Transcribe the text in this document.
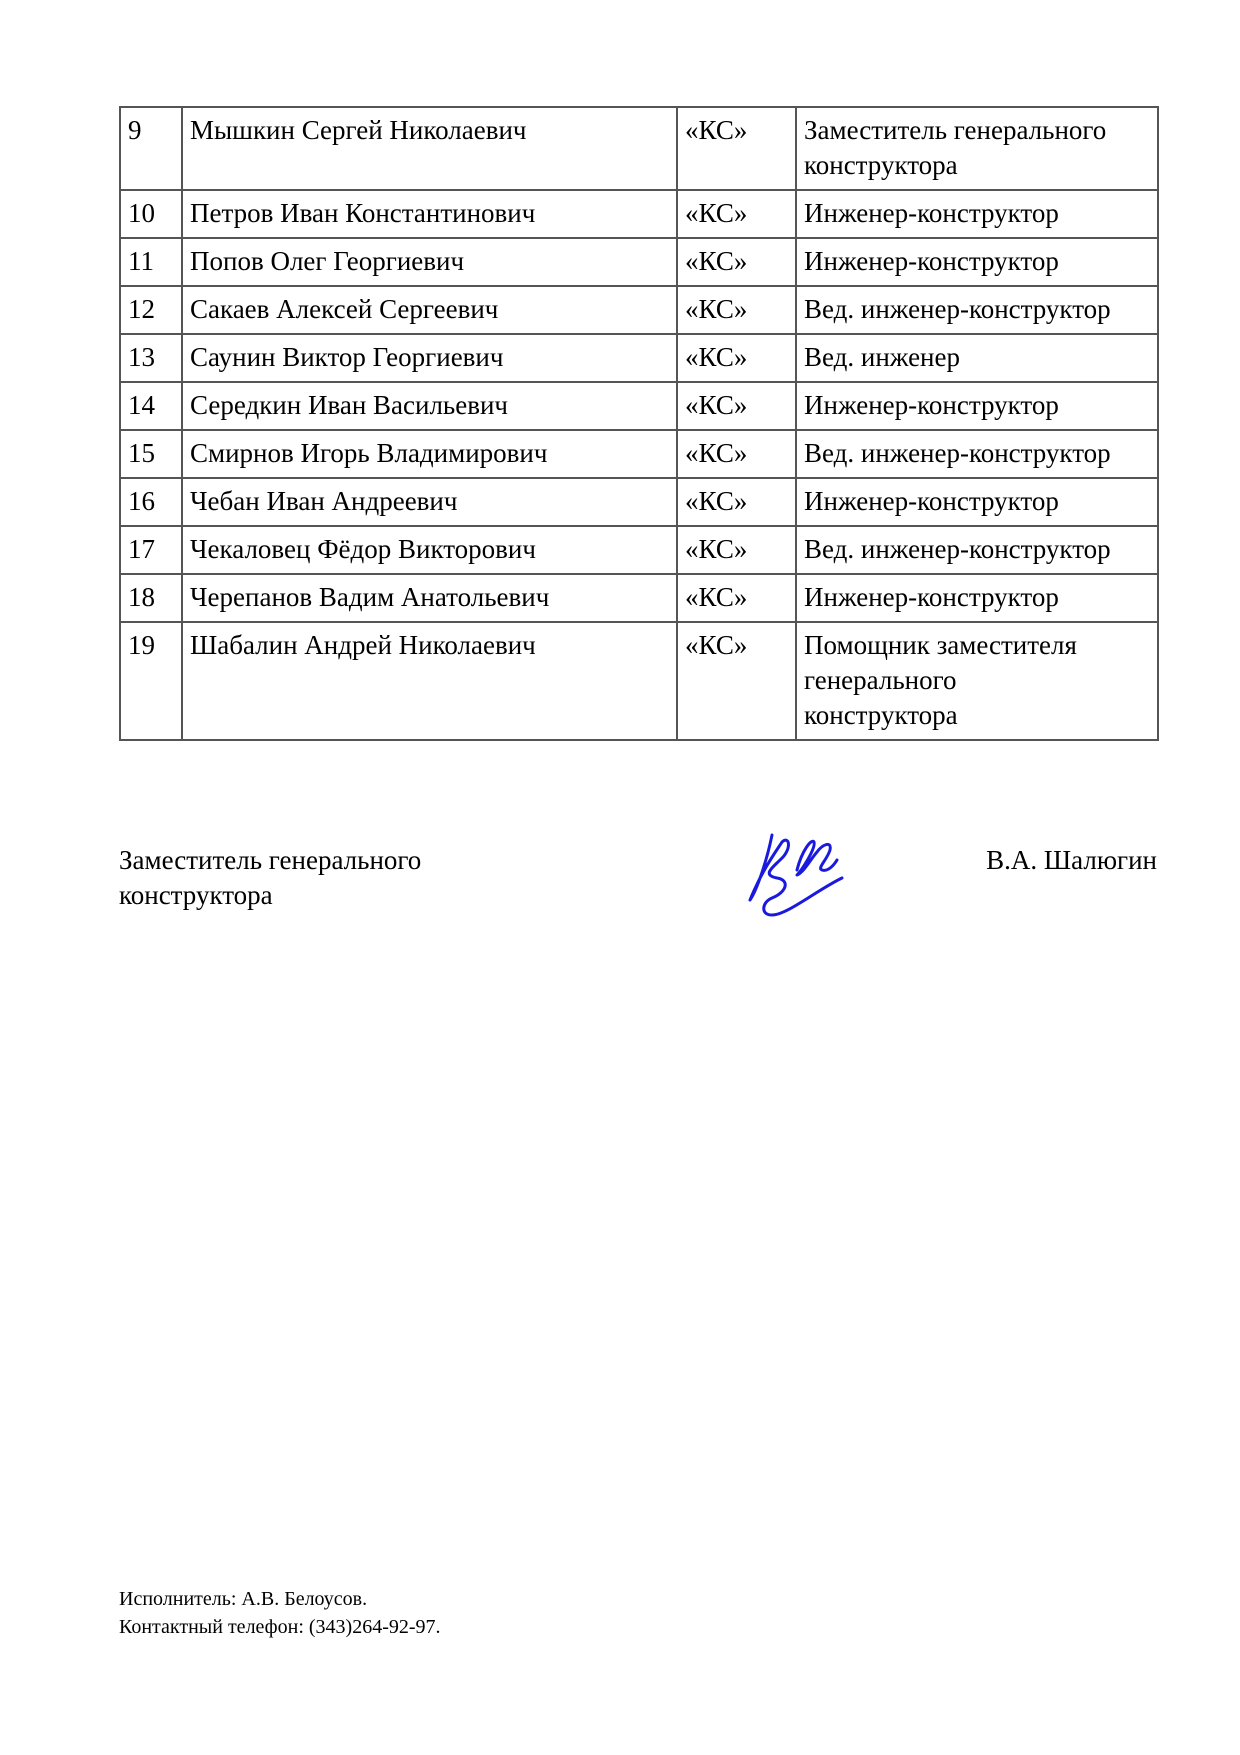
9	Мышкин Сергей Николаевич	«КС»	Заместитель генерального конструктора
10	Петров Иван Константинович	«КС»	Инженер-конструктор
11	Попов Олег Георгиевич	«КС»	Инженер-конструктор
12	Сакаев Алексей Сергеевич	«КС»	Вед. инженер-конструктор
13	Саунин Виктор Георгиевич	«КС»	Вед. инженер
14	Середкин Иван Васильевич	«КС»	Инженер-конструктор
15	Смирнов Игорь Владимирович	«КС»	Вед. инженер-конструктор
16	Чебан Иван Андреевич	«КС»	Инженер-конструктор
17	Чекаловец Фёдор Викторович	«КС»	Вед. инженер-конструктор
18	Черепанов Вадим Анатольевич	«КС»	Инженер-конструктор
19	Шабалин Андрей Николаевич	«КС»	Помощник заместителя генерального конструктора
Заместитель генерального
конструктора
В.А. Шалюгин
Исполнитель: А.В. Белоусов.
Контактный телефон: (343)264-92-97.
